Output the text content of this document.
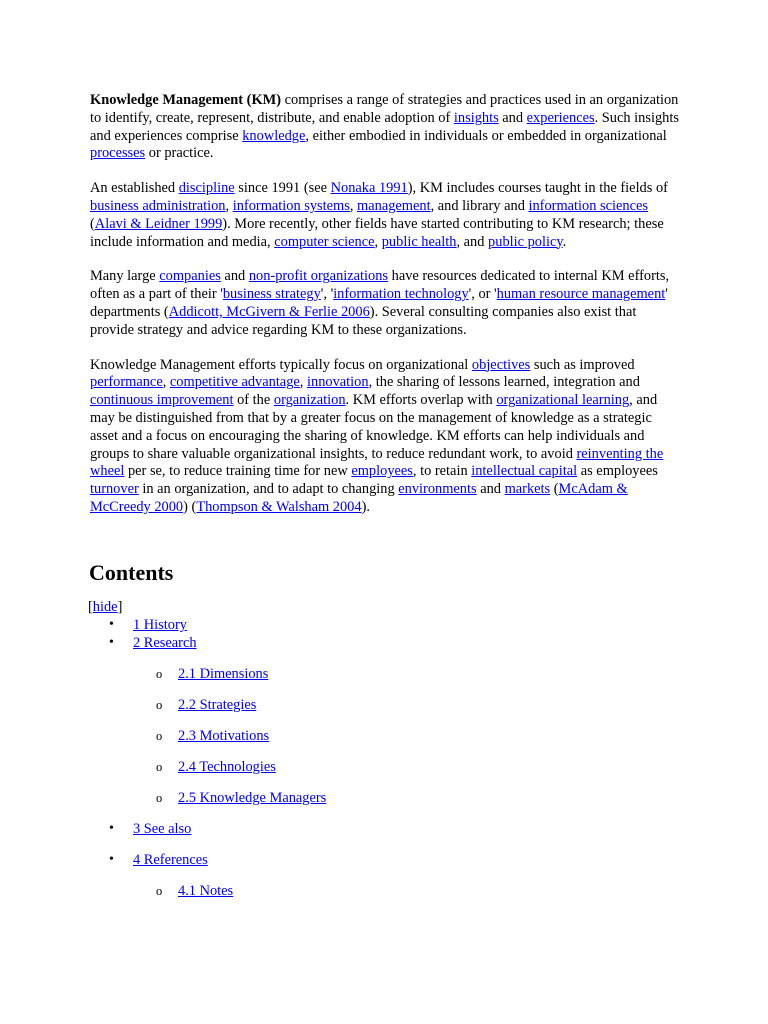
Knowledge Management (KM) comprises a range of strategies and practices used in an organization to identify, create, represent, distribute, and enable adoption of insights and experiences. Such insights and experiences comprise knowledge, either embodied in individuals or embedded in organizational processes or practice.

An established discipline since 1991 (see Nonaka 1991), KM includes courses taught in the fields of business administration, information systems, management, and library and information sciences (Alavi & Leidner 1999). More recently, other fields have started contributing to KM research; these include information and media, computer science, public health, and public policy.

Many large companies and non-profit organizations have resources dedicated to internal KM efforts, often as a part of their 'business strategy', 'information technology', or 'human resource management' departments (Addicott, McGivern & Ferlie 2006). Several consulting companies also exist that provide strategy and advice regarding KM to these organizations.

Knowledge Management efforts typically focus on organizational objectives such as improved performance, competitive advantage, innovation, the sharing of lessons learned, integration and continuous improvement of the organization. KM efforts overlap with organizational learning, and may be distinguished from that by a greater focus on the management of knowledge as a strategic asset and a focus on encouraging the sharing of knowledge. KM efforts can help individuals and groups to share valuable organizational insights, to reduce redundant work, to avoid reinventing the wheel per se, to reduce training time for new employees, to retain intellectual capital as employees turnover in an organization, and to adapt to changing environments and markets (McAdam & McCreedy 2000) (Thompson & Walsham 2004).

Contents
[hide]
• 1 History
• 2 Research
o 2.1 Dimensions
o 2.2 Strategies
o 2.3 Motivations
o 2.4 Technologies
o 2.5 Knowledge Managers
• 3 See also
• 4 References
o 4.1 Notes
